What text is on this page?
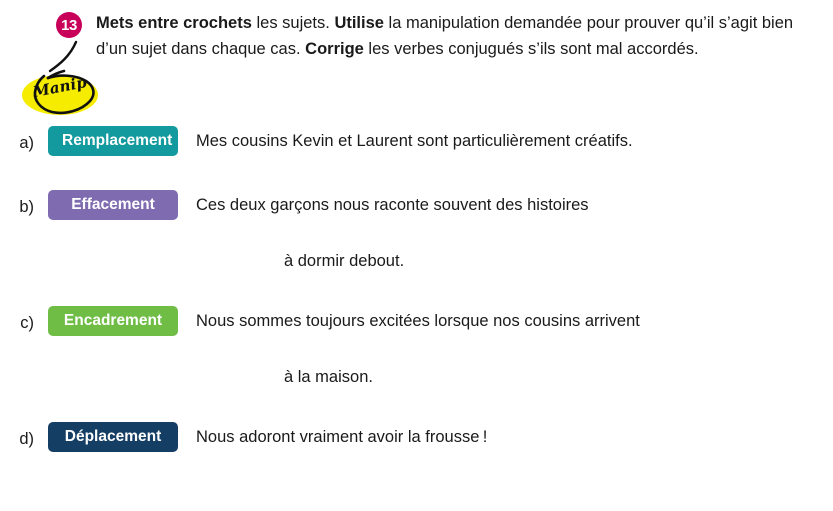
13
Manip
Mets entre crochets les sujets. Utilise la manipulation demandée pour prouver qu’il s’agit bien d’un sujet dans chaque cas. Corrige les verbes conjugués s’ils sont mal accordés.
a)	Remplacement	Mes cousins Kevin et Laurent sont particulièrement créatifs.
b)	Effacement	Ces deux garçons nous raconte souvent des histoires
à dormir debout.
c)	Encadrement	Nous sommes toujours excitées lorsque nos cousins arrivent
à la maison.
d)	Déplacement	Nous adoront vraiment avoir la frousse !
